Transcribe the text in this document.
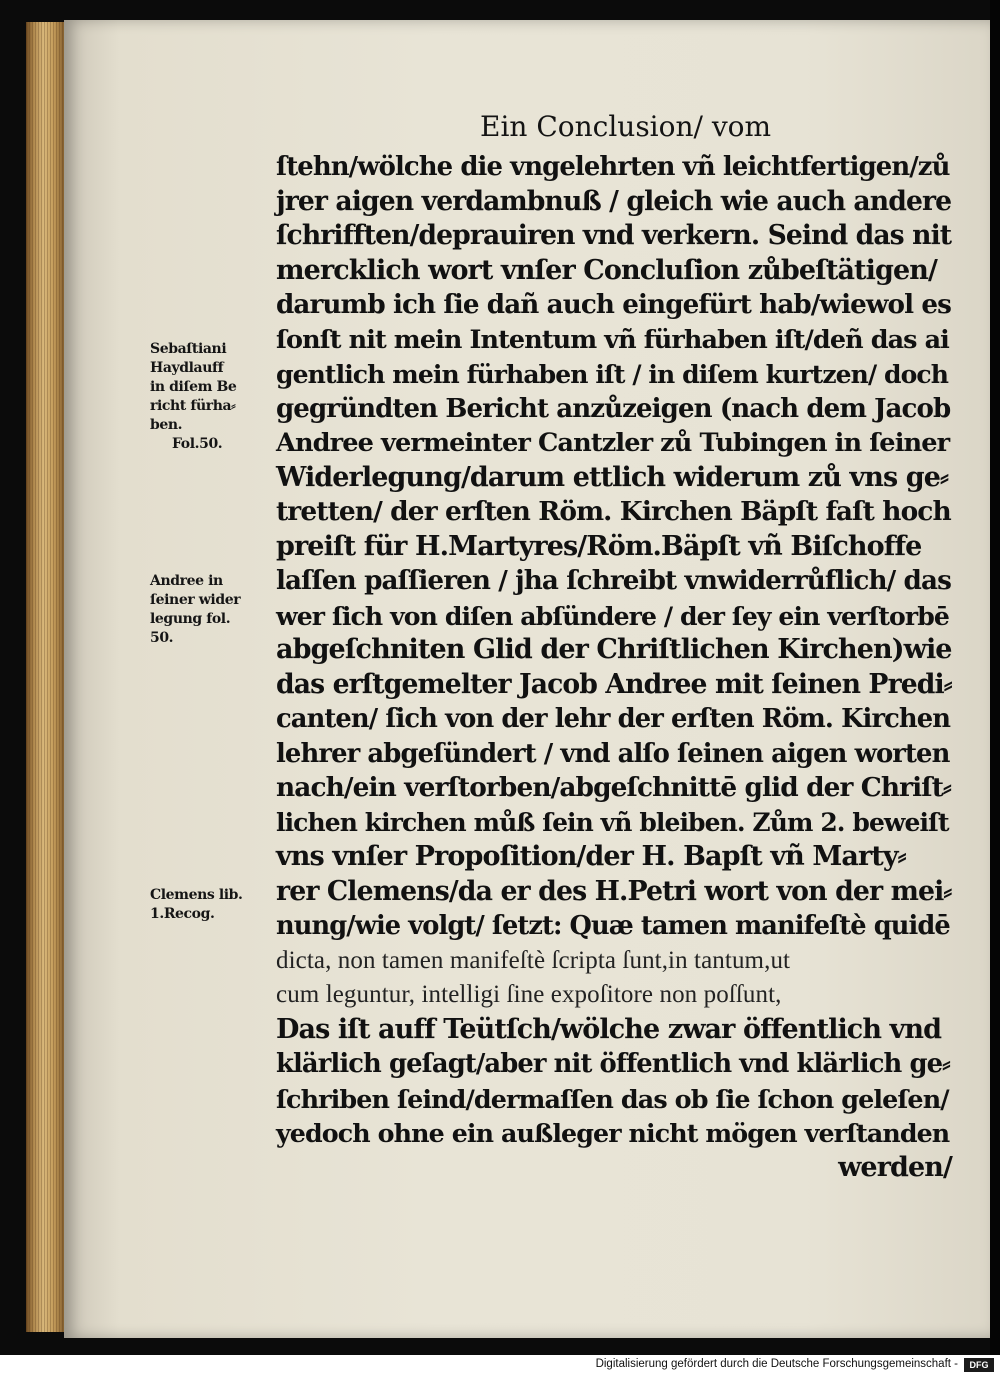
Ein Conclusion/ vom
ſtehn/wölche die vngelehrten vñ leichtfertigen/zů
jrer aigen verdambnuß / gleich wie auch andere
ſchrifften/deprauiren vnd verkern. Seind das nit
mercklich wort vnſer Concluſion zůbeſtätigen/
darumb ich ſie dañ auch eingefürt hab/wiewol es
ſonſt nit mein Intentum vñ fürhaben iſt/deñ das ai
gentlich mein fürhaben iſt / in diſem kurtzen/ doch
gegründten Bericht anzůzeigen (nach dem Jacob
Andree vermeinter Cantzler zů Tubingen in ſeiner
Widerlegung/darum ettlich widerum zů vns ge⸗
tretten/ der erſten Röm. Kirchen Bäpſt faſt hoch
preiſt für H.Martyres/Röm.Bäpſt vñ Biſchoffe
laſſen paſſieren / jha ſchreibt vnwiderrůflich/ das
wer ſich von diſen abſündere / der ſey ein verſtorbē
abgeſchniten Glid der Chriſtlichen Kirchen)wie
das erſtgemelter Jacob Andree mit ſeinen Predi⸗
canten/ ſich von der lehr der erſten Röm. Kirchen
lehrer abgeſündert / vnd alſo ſeinen aigen worten
nach/ein verſtorben/abgeſchnittē glid der Chriſt⸗
lichen kirchen můß ſein vñ bleiben. Zům 2. beweiſt
vns vnſer Propoſition/der H. Bapſt vñ Marty⸗
rer Clemens/da er des H.Petri wort von der mei⸗
nung/wie volgt/ ſetzt: Quæ tamen manifeſtè quidē
dicta, non tamen manifeſtè ſcripta ſunt,in tantum,ut
cum leguntur, intelligi ſine expoſitore non poſſunt,
Das iſt auff Teütſch/wölche zwar öffentlich vnd
klärlich geſagt/aber nit öffentlich vnd klärlich ge⸗
ſchriben ſeind/dermaſſen das ob ſie ſchon geleſen/
yedoch ohne ein außleger nicht mögen verſtanden
werden/
Sebaſtiani
Haydlauff
in diſem Be
richt fürha⸗
ben.
Fol.50.
Andree in
ſeiner wider
legung fol.
50.
Clemens lib.
1.Recog.
Digitalisierung gefördert durch die Deutsche Forschungsgemeinschaft -	DFG
